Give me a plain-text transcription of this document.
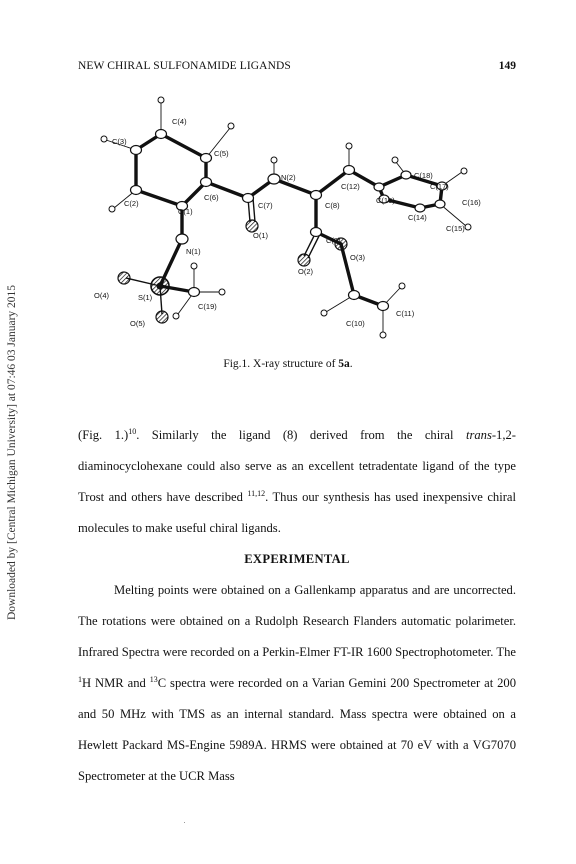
NEW CHIRAL SULFONAMIDE LIGANDS	149
Downloaded by [Central Michigan University] at 07:46 03 January 2015
C(4)
C(3)
C(5)
N(2)
C(12)
C(18)
C(17)
C(13)	C(16)
C(6)
C(7)	C(8)
C(14)
C(2)
C(1)
C(15)
O(1)
C(9)
N(1)
O(3)
O(2)
O(4)	S(1)
C(19)
C(11)
O(5)	C(10)
Fig.1. X-ray structure of 5a.

(Fig. 1.)$^{10}$. Similarly the ligand (8) derived from the chiral trans-1,2-diaminocyclohexane could also serve as an excellent tetradentate ligand of the type Trost and others have described $^{11,12}$. Thus our synthesis has used inexpensive chiral molecules to make useful chiral ligands.

EXPERIMENTAL

Melting points were obtained on a Gallenkamp apparatus and are uncorrected. The rotations were obtained on a Rudolph Research Flanders automatic polarimeter. Infrared Spectra were recorded on a Perkin-Elmer FT-IR 1600 Spectrophotometer. The $^1$H NMR and $^{13}$C spectra were recorded on a Varian Gemini 200 Spectrometer at 200 and 50 MHz with TMS as an internal standard. Mass spectra were obtained on a Hewlett Packard MS-Engine 5989A. HRMS were obtained at 70 eV with a VG7070 Spectrometer at the UCR Mass
